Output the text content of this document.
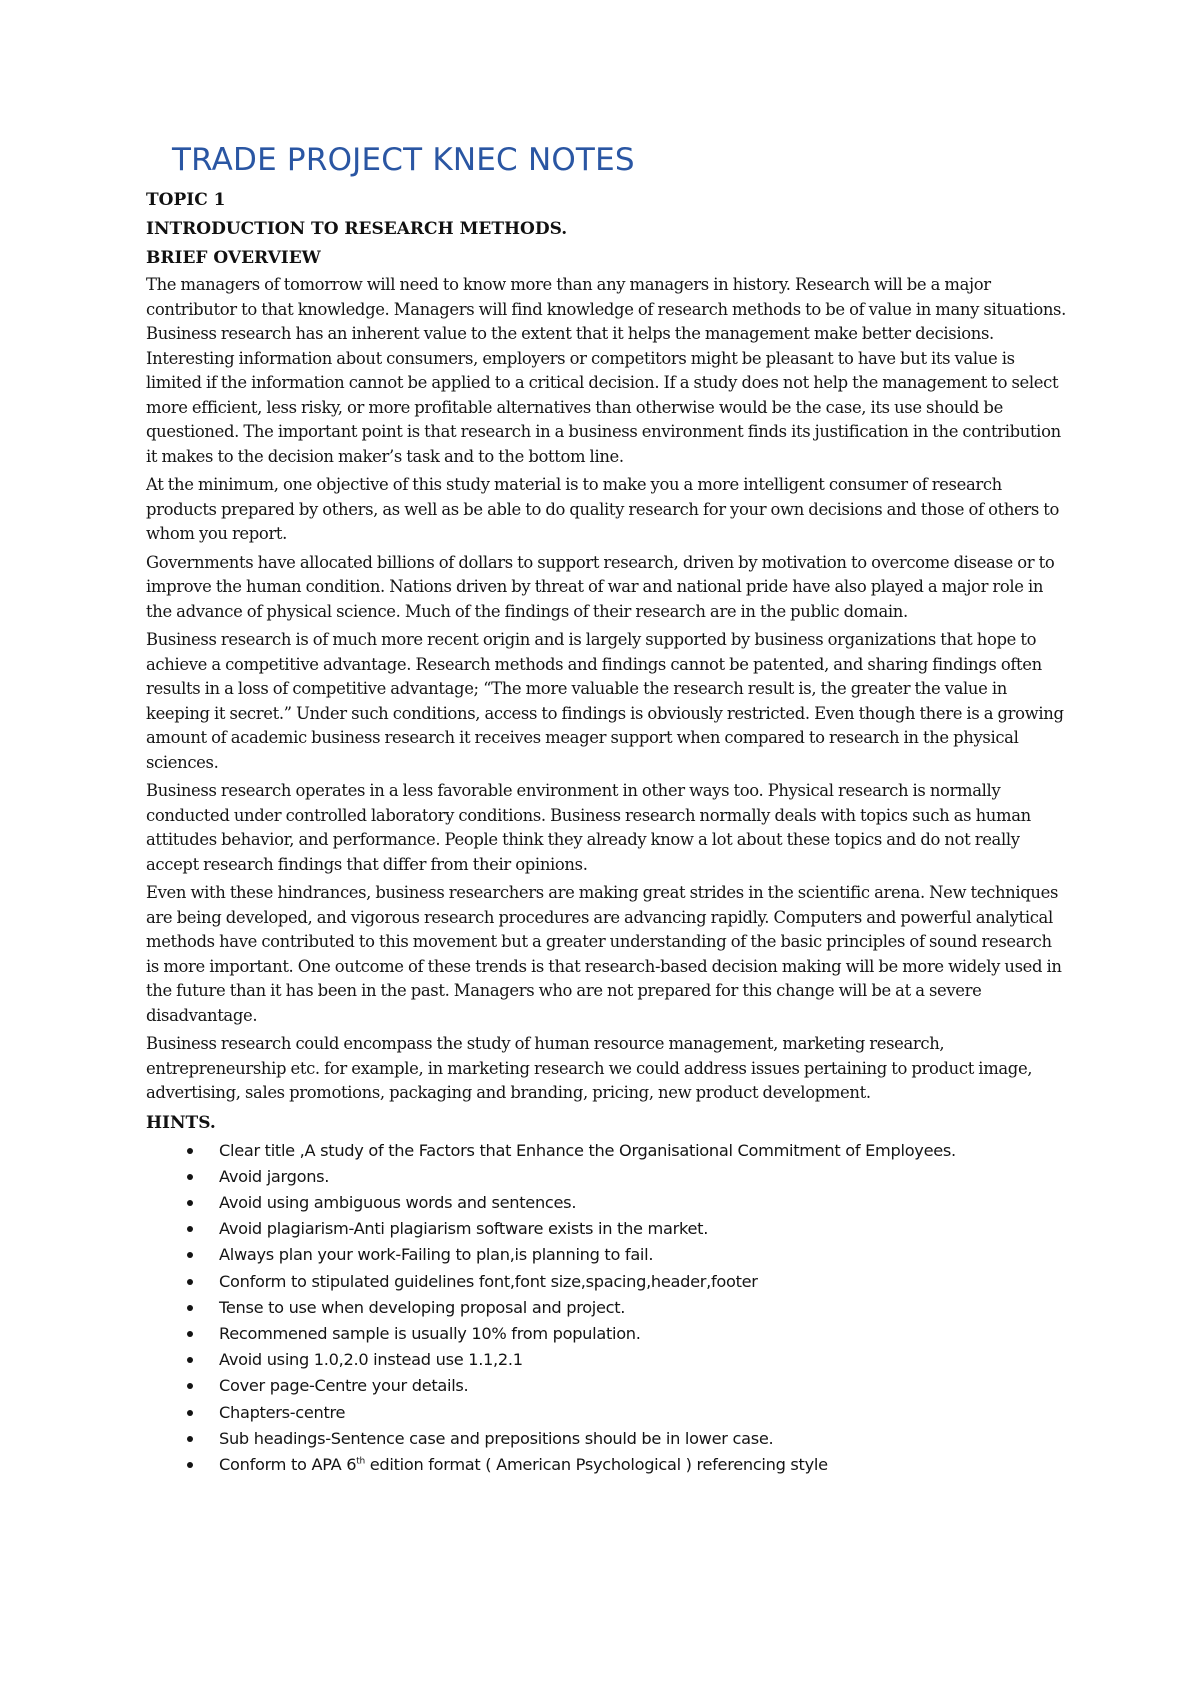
TRADE PROJECT KNEC NOTES

TOPIC 1

INTRODUCTION TO RESEARCH METHODS.

BRIEF OVERVIEW

The managers of tomorrow will need to know more than any managers in history. Research will be a major contributor to that knowledge. Managers will find knowledge of research methods to be of value in many situations. Business research has an inherent value to the extent that it helps the management make better decisions. Interesting information about consumers, employers or competitors might be pleasant to have but its value is limited if the information cannot be applied to a critical decision. If a study does not help the management to select more efficient, less risky, or more profitable alternatives than otherwise would be the case, its use should be questioned. The important point is that research in a business environment finds its justification in the contribution it makes to the decision maker’s task and to the bottom line.

At the minimum, one objective of this study material is to make you a more intelligent consumer of research products prepared by others, as well as be able to do quality research for your own decisions and those of others to whom you report.

Governments have allocated billions of dollars to support research, driven by motivation to overcome disease or to improve the human condition. Nations driven by threat of war and national pride have also played a major role in the advance of physical science. Much of the findings of their research are in the public domain.

Business research is of much more recent origin and is largely supported by business organizations that hope to achieve a competitive advantage. Research methods and findings cannot be patented, and sharing findings often results in a loss of competitive advantage; “The more valuable the research result is, the greater the value in keeping it secret.” Under such conditions, access to findings is obviously restricted. Even though there is a growing amount of academic business research it receives meager support when compared to research in the physical sciences.

Business research operates in a less favorable environment in other ways too. Physical research is normally conducted under controlled laboratory conditions. Business research normally deals with topics such as human attitudes behavior, and performance. People think they already know a lot about these topics and do not really accept research findings that differ from their opinions.

Even with these hindrances, business researchers are making great strides in the scientific arena. New techniques are being developed, and vigorous research procedures are advancing rapidly. Computers and powerful analytical methods have contributed to this movement but a greater understanding of the basic principles of sound research is more important. One outcome of these trends is that research-based decision making will be more widely used in the future than it has been in the past. Managers who are not prepared for this change will be at a severe disadvantage.

Business research could encompass the study of human resource management, marketing research, entrepreneurship etc. for example, in marketing research we could address issues pertaining to product image, advertising, sales promotions, packaging and branding, pricing, new product development.

HINTS.

Clear title ,A study of the Factors that Enhance the Organisational Commitment of Employees.
Avoid jargons.
Avoid using ambiguous words and sentences.
Avoid plagiarism-Anti plagiarism software exists in the market.
Always plan your work-Failing to plan,is planning to fail.
Conform to stipulated guidelines font,font size,spacing,header,footer
Tense to use when developing proposal and project.
Recommened sample is usually 10% from population.
Avoid using 1.0,2.0 instead use 1.1,2.1
Cover page-Centre your details.
Chapters-centre
Sub headings-Sentence case and prepositions should be in lower case.
Conform to APA 6th edition format ( American Psychological ) referencing style
